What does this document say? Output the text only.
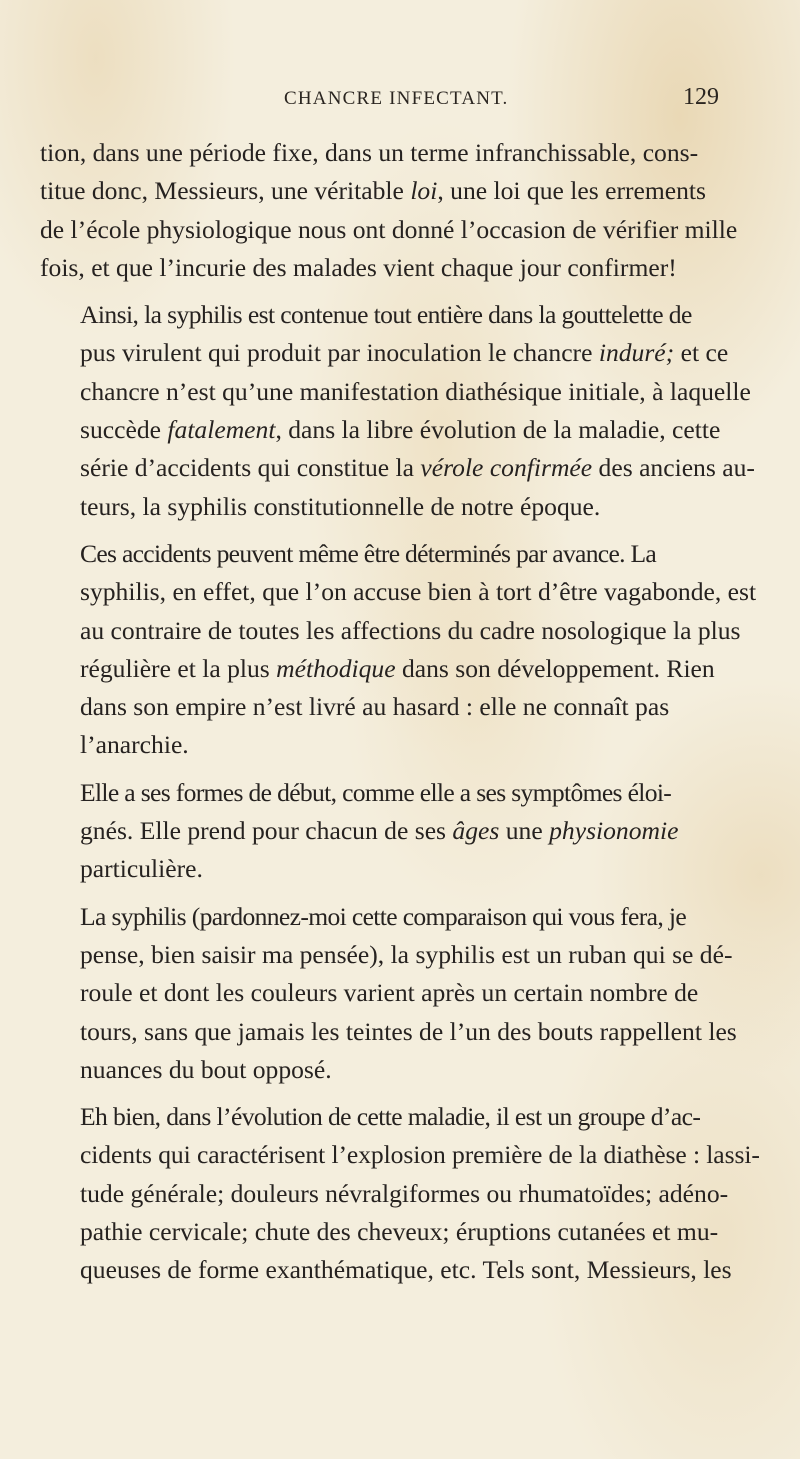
CHANCRE INFECTANT.	129

tion, dans une période fixe, dans un terme infranchissable, cons-
titue donc, Messieurs, une véritable loi, une loi que les errements
de l’école physiologique nous ont donné l’occasion de vérifier mille
fois, et que l’incurie des malades vient chaque jour confirmer!

Ainsi, la syphilis est contenue tout entière dans la gouttelette de
pus virulent qui produit par inoculation le chancre induré; et ce
chancre n’est qu’une manifestation diathésique initiale, à laquelle
succède fatalement, dans la libre évolution de la maladie, cette
série d’accidents qui constitue la vérole confirmée des anciens au-
teurs, la syphilis constitutionnelle de notre époque.

Ces accidents peuvent même être déterminés par avance. La
syphilis, en effet, que l’on accuse bien à tort d’être vagabonde, est
au contraire de toutes les affections du cadre nosologique la plus
régulière et la plus méthodique dans son développement. Rien
dans son empire n’est livré au hasard : elle ne connaît pas
l’anarchie.

Elle a ses formes de début, comme elle a ses symptômes éloi-
gnés. Elle prend pour chacun de ses âges une physionomie
particulière.

La syphilis (pardonnez-moi cette comparaison qui vous fera, je
pense, bien saisir ma pensée), la syphilis est un ruban qui se dé-
roule et dont les couleurs varient après un certain nombre de
tours, sans que jamais les teintes de l’un des bouts rappellent les
nuances du bout opposé.

Eh bien, dans l’évolution de cette maladie, il est un groupe d’ac-
cidents qui caractérisent l’explosion première de la diathèse : lassi-
tude générale; douleurs névralgiformes ou rhumatoïdes; adéno-
pathie cervicale; chute des cheveux; éruptions cutanées et mu-
queuses de forme exanthématique, etc. Tels sont, Messieurs, les
